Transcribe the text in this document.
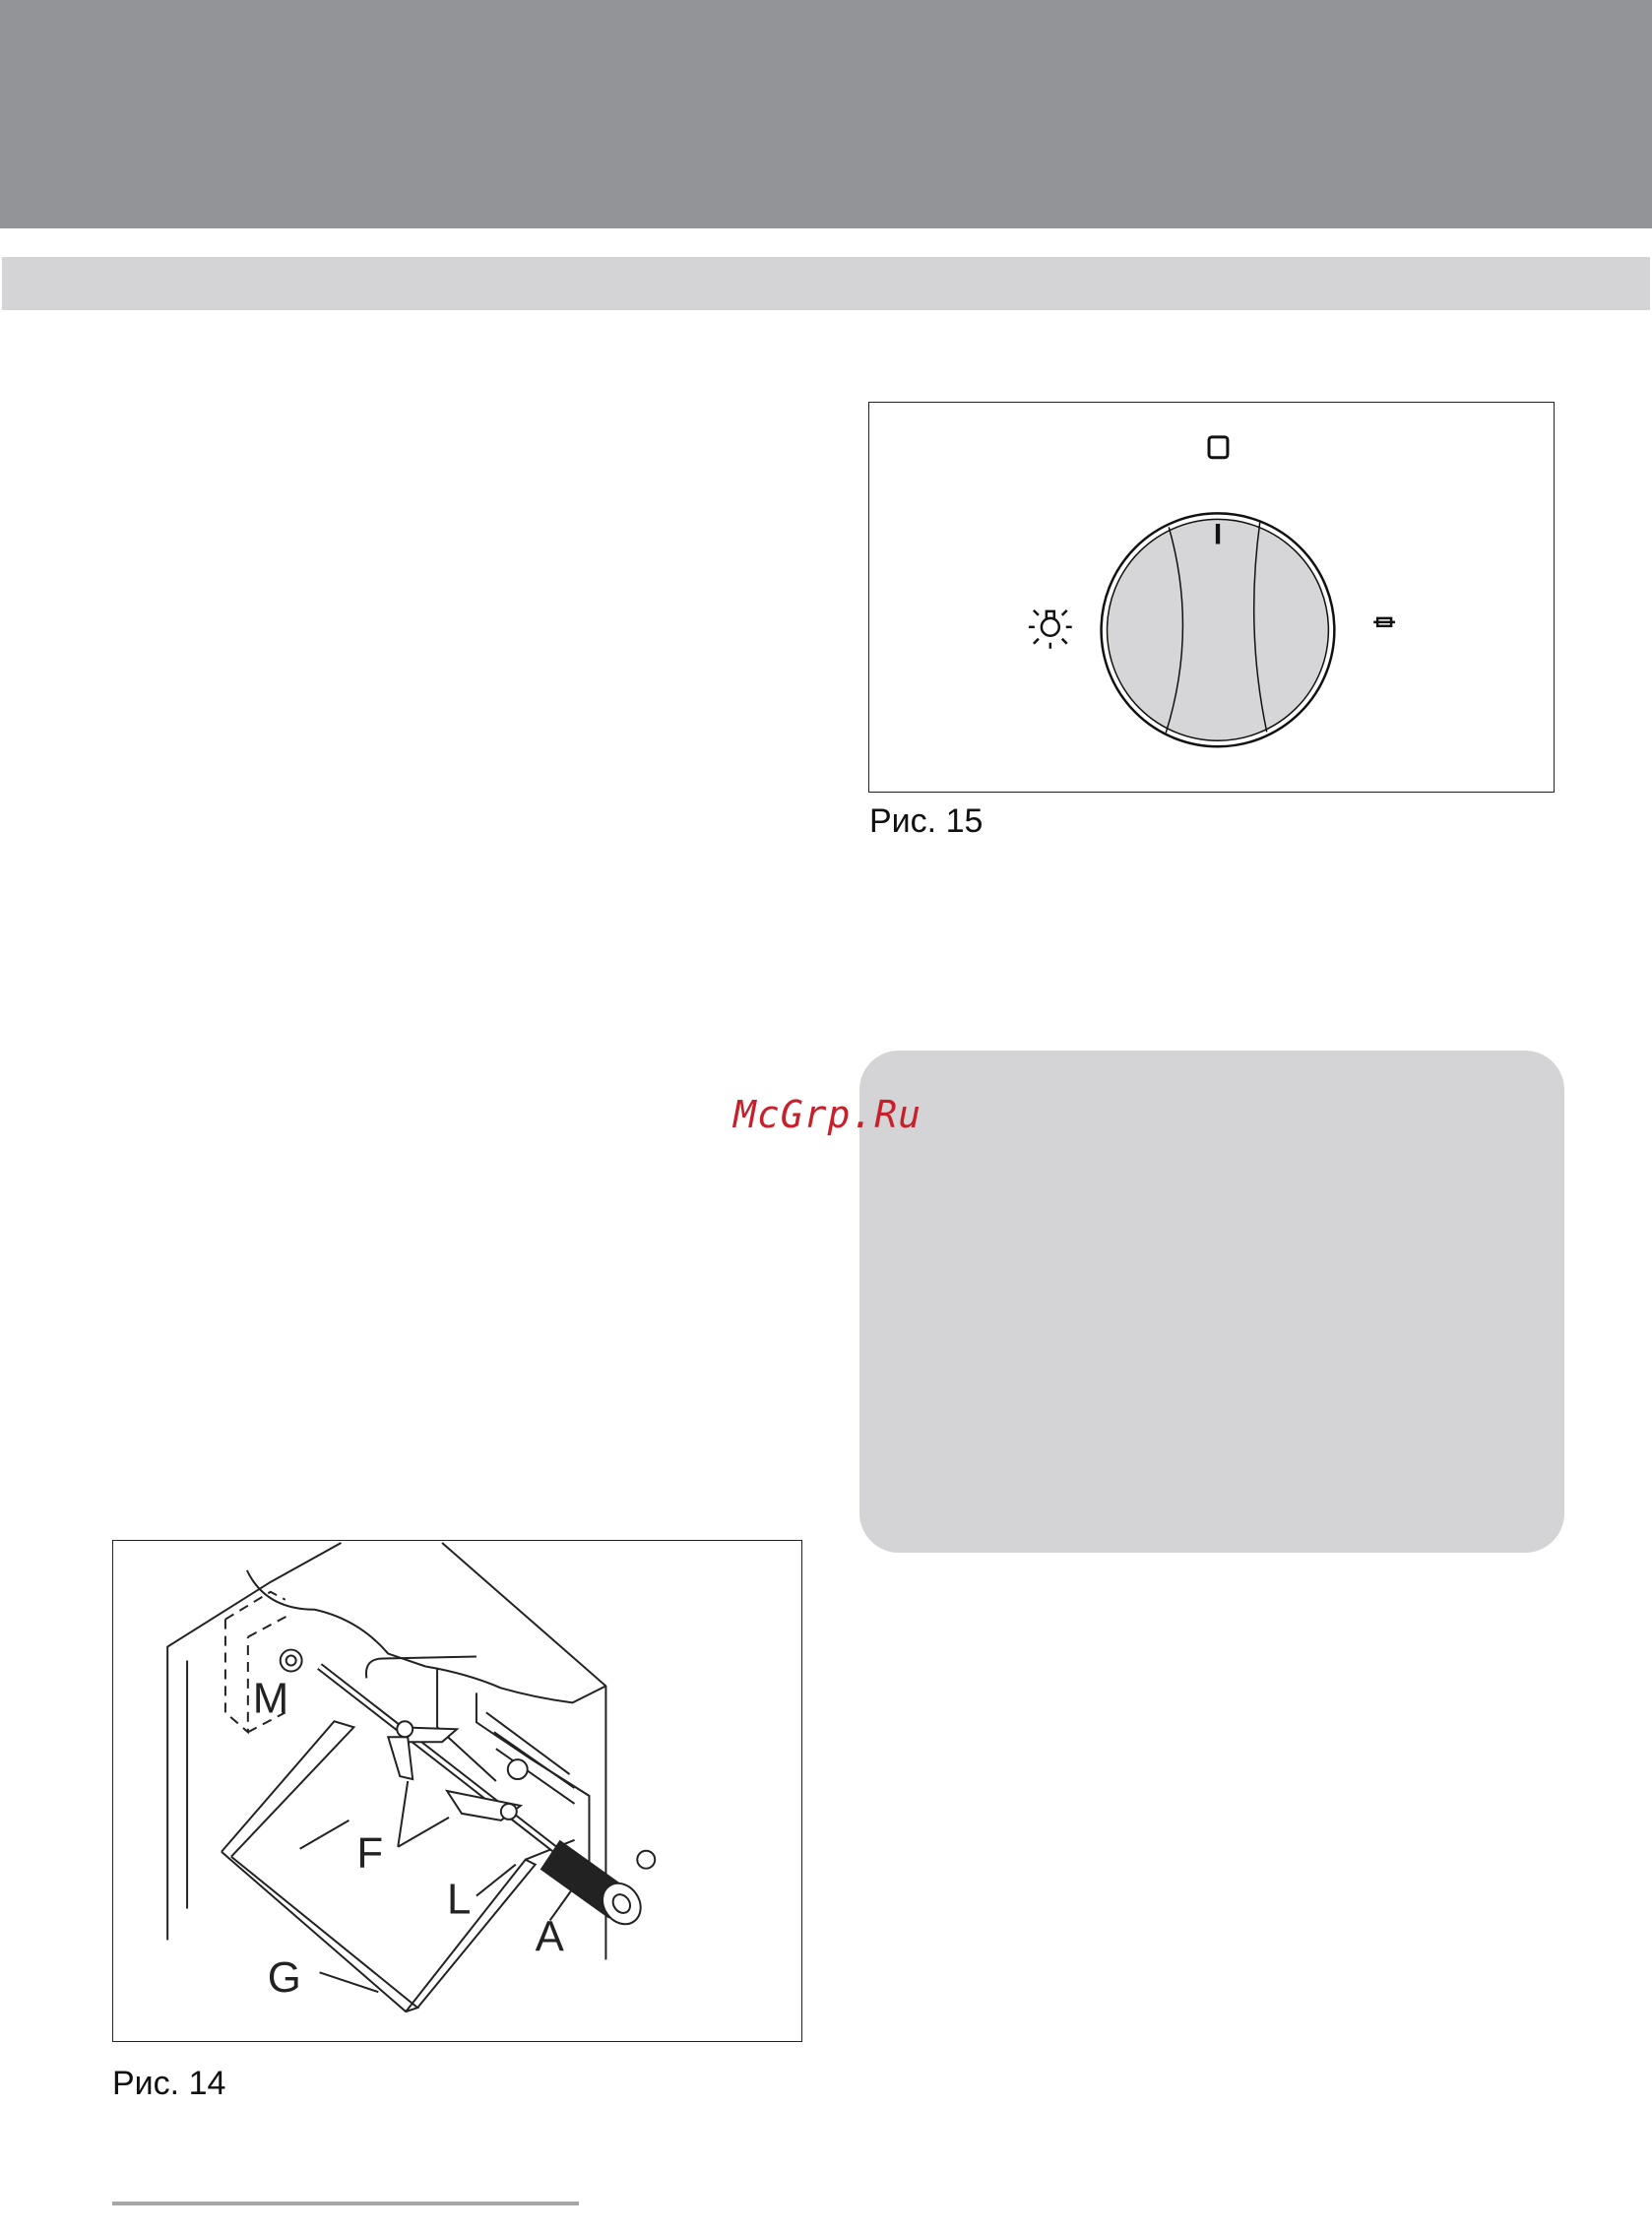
I
Рис. 15
McGrp.Ru
M
F
L
A
G
Рис. 14
